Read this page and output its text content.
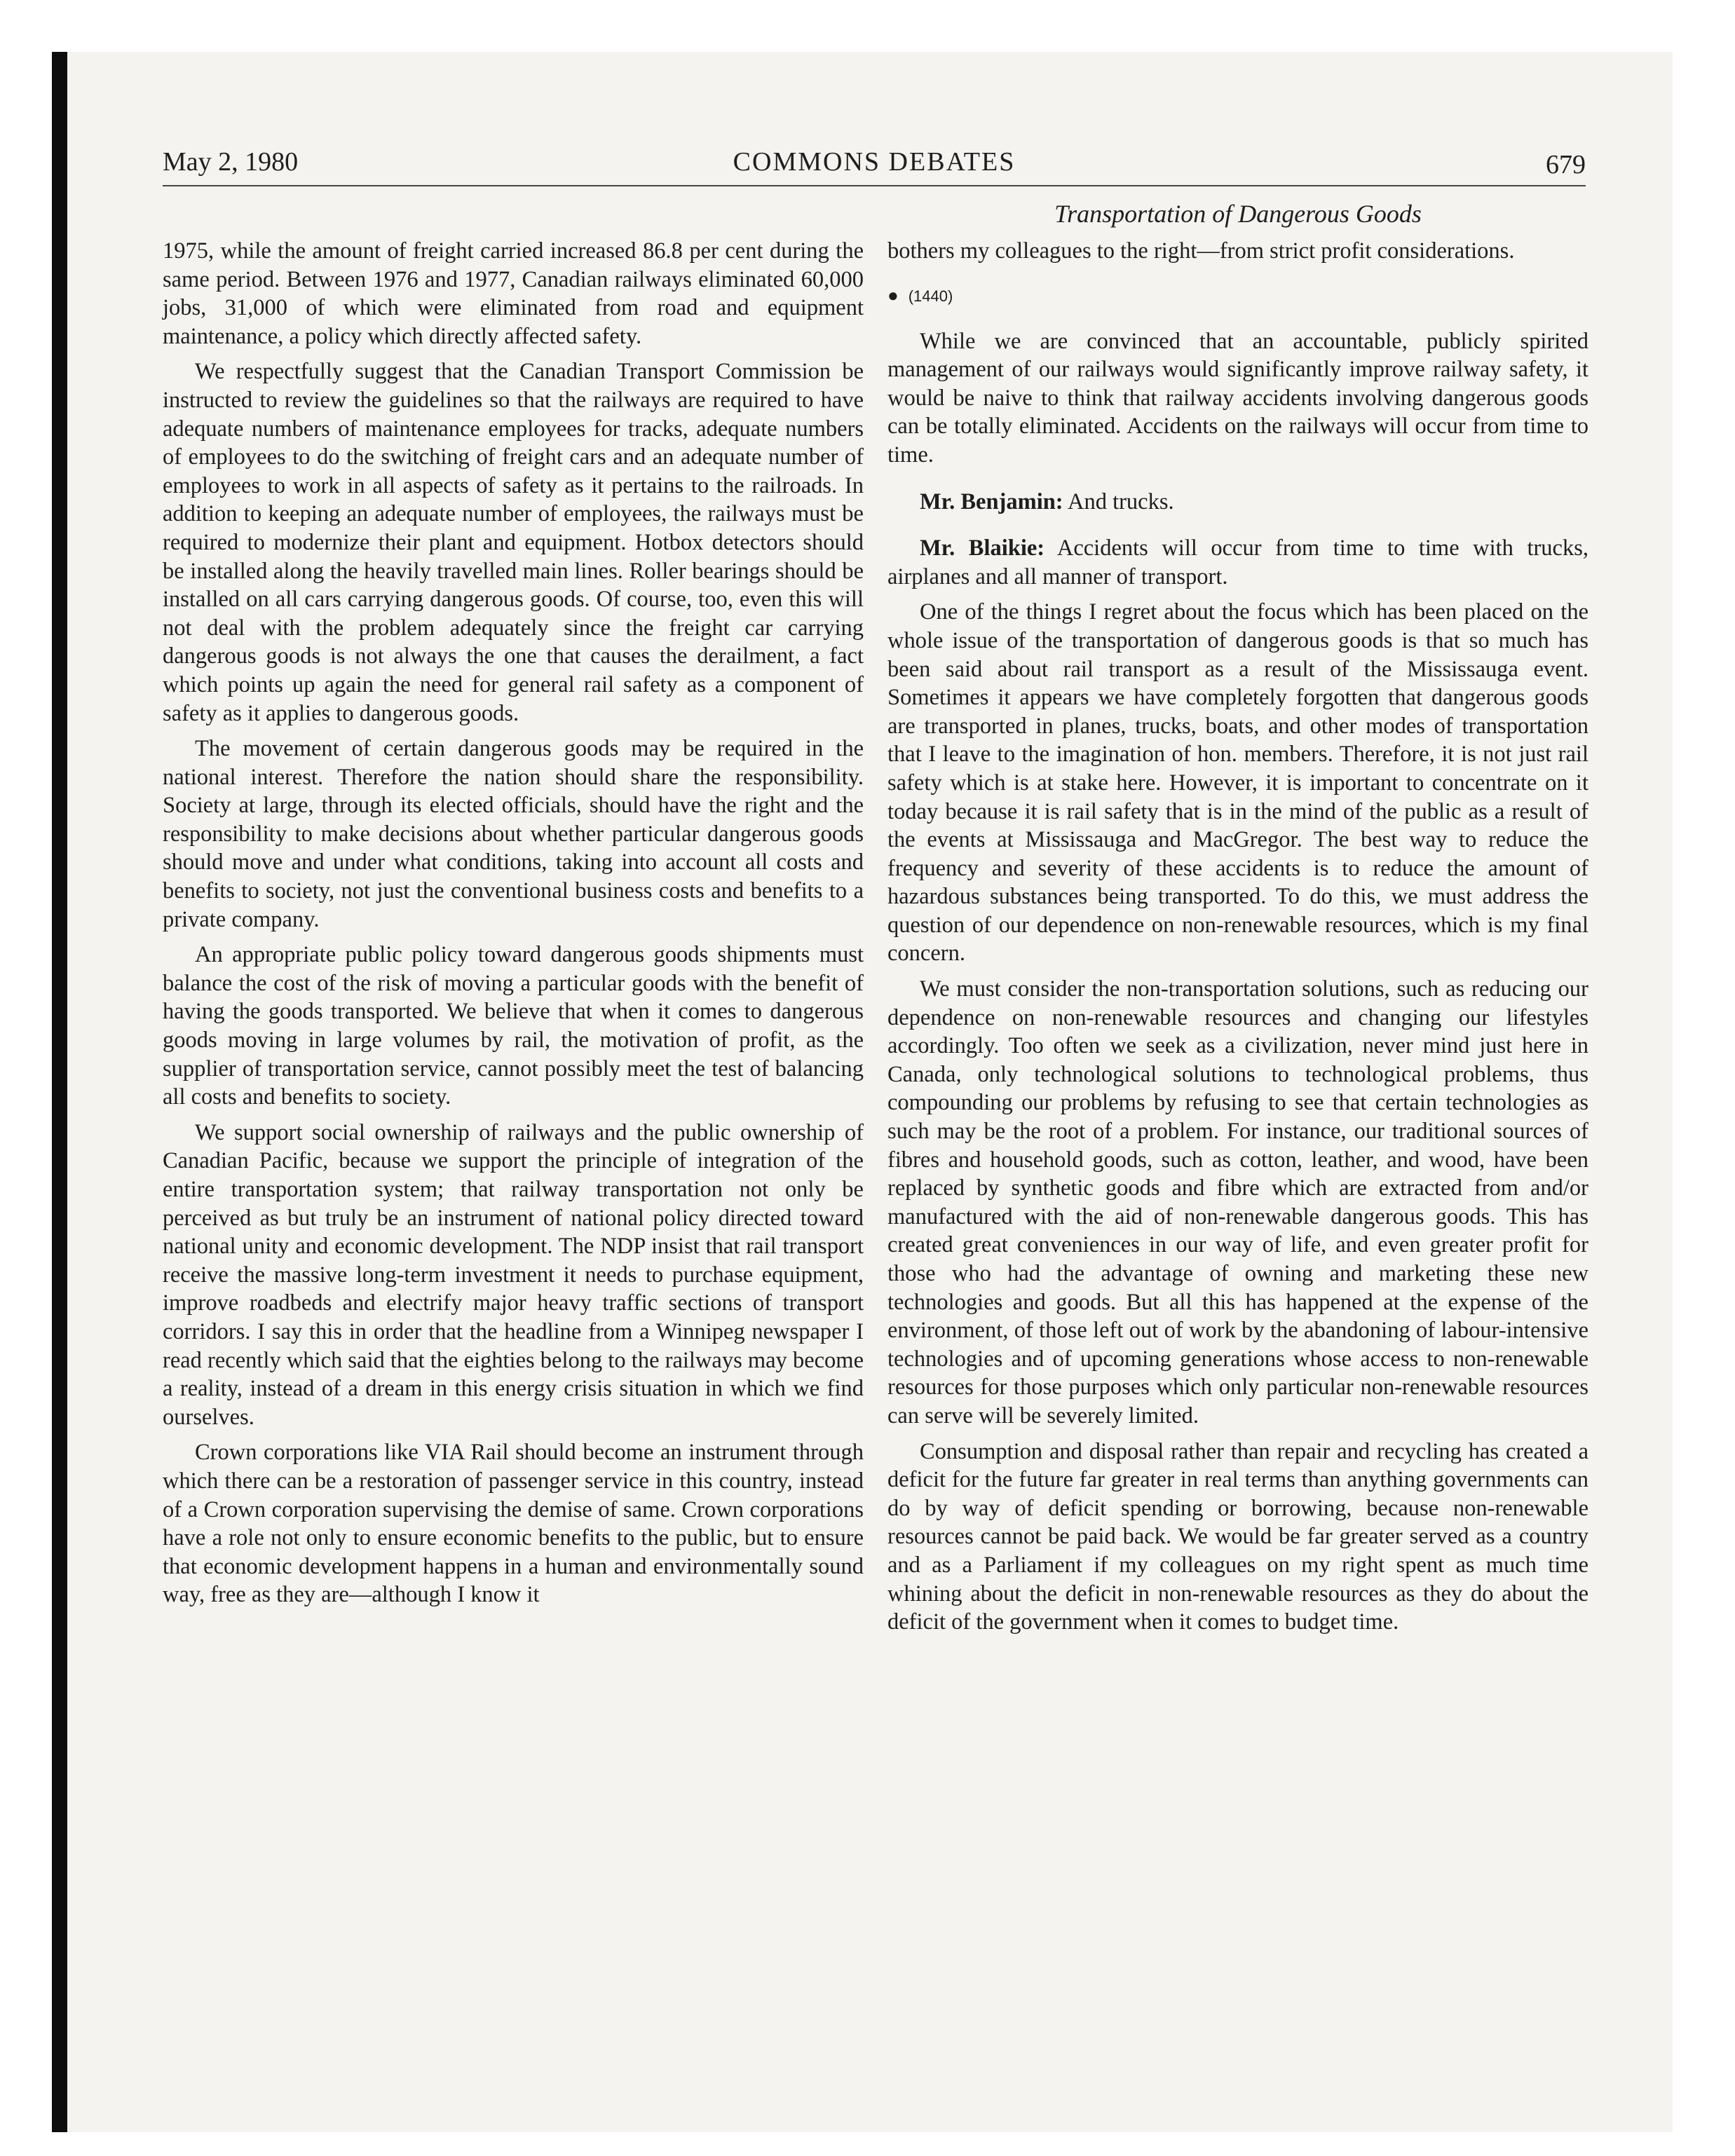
May 2, 1980	COMMONS DEBATES	679
Transportation of Dangerous Goods

1975, while the amount of freight carried increased 86.8 per cent during the same period. Between 1976 and 1977, Canadian railways eliminated 60,000 jobs, 31,000 of which were eliminated from road and equipment maintenance, a policy which directly affected safety.

We respectfully suggest that the Canadian Transport Commission be instructed to review the guidelines so that the railways are required to have adequate numbers of maintenance employees for tracks, adequate numbers of employees to do the switching of freight cars and an adequate number of employees to work in all aspects of safety as it pertains to the railroads. In addition to keeping an adequate number of employees, the railways must be required to modernize their plant and equipment. Hotbox detectors should be installed along the heavily travelled main lines. Roller bearings should be installed on all cars carrying dangerous goods. Of course, too, even this will not deal with the problem adequately since the freight car carrying dangerous goods is not always the one that causes the derailment, a fact which points up again the need for general rail safety as a component of safety as it applies to dangerous goods.

The movement of certain dangerous goods may be required in the national interest. Therefore the nation should share the responsibility. Society at large, through its elected officials, should have the right and the responsibility to make decisions about whether particular dangerous goods should move and under what conditions, taking into account all costs and benefits to society, not just the conventional business costs and benefits to a private company.

An appropriate public policy toward dangerous goods shipments must balance the cost of the risk of moving a particular goods with the benefit of having the goods transported. We believe that when it comes to dangerous goods moving in large volumes by rail, the motivation of profit, as the supplier of transportation service, cannot possibly meet the test of balancing all costs and benefits to society.

We support social ownership of railways and the public ownership of Canadian Pacific, because we support the principle of integration of the entire transportation system; that railway transportation not only be perceived as but truly be an instrument of national policy directed toward national unity and economic development. The NDP insist that rail transport receive the massive long-term investment it needs to purchase equipment, improve roadbeds and electrify major heavy traffic sections of transport corridors. I say this in order that the headline from a Winnipeg newspaper I read recently which said that the eighties belong to the railways may become a reality, instead of a dream in this energy crisis situation in which we find ourselves.

Crown corporations like VIA Rail should become an instrument through which there can be a restoration of passenger service in this country, instead of a Crown corporation supervising the demise of same. Crown corporations have a role not only to ensure economic benefits to the public, but to ensure that economic development happens in a human and environmentally sound way, free as they are—although I know it

bothers my colleagues to the right—from strict profit considerations.

● (1440)

While we are convinced that an accountable, publicly spirited management of our railways would significantly improve railway safety, it would be naive to think that railway accidents involving dangerous goods can be totally eliminated. Accidents on the railways will occur from time to time.

Mr. Benjamin: And trucks.

Mr. Blaikie: Accidents will occur from time to time with trucks, airplanes and all manner of transport.

One of the things I regret about the focus which has been placed on the whole issue of the transportation of dangerous goods is that so much has been said about rail transport as a result of the Mississauga event. Sometimes it appears we have completely forgotten that dangerous goods are transported in planes, trucks, boats, and other modes of transportation that I leave to the imagination of hon. members. Therefore, it is not just rail safety which is at stake here. However, it is important to concentrate on it today because it is rail safety that is in the mind of the public as a result of the events at Mississauga and MacGregor. The best way to reduce the frequency and severity of these accidents is to reduce the amount of hazardous substances being transported. To do this, we must address the question of our dependence on non-renewable resources, which is my final concern.

We must consider the non-transportation solutions, such as reducing our dependence on non-renewable resources and changing our lifestyles accordingly. Too often we seek as a civilization, never mind just here in Canada, only technological solutions to technological problems, thus compounding our problems by refusing to see that certain technologies as such may be the root of a problem. For instance, our traditional sources of fibres and household goods, such as cotton, leather, and wood, have been replaced by synthetic goods and fibre which are extracted from and/or manufactured with the aid of non-renewable dangerous goods. This has created great conveniences in our way of life, and even greater profit for those who had the advantage of owning and marketing these new technologies and goods. But all this has happened at the expense of the environment, of those left out of work by the abandoning of labour-intensive technologies and of upcoming generations whose access to non-renewable resources for those purposes which only particular non-renewable resources can serve will be severely limited.

Consumption and disposal rather than repair and recycling has created a deficit for the future far greater in real terms than anything governments can do by way of deficit spending or borrowing, because non-renewable resources cannot be paid back. We would be far greater served as a country and as a Parliament if my colleagues on my right spent as much time whining about the deficit in non-renewable resources as they do about the deficit of the government when it comes to budget time.
